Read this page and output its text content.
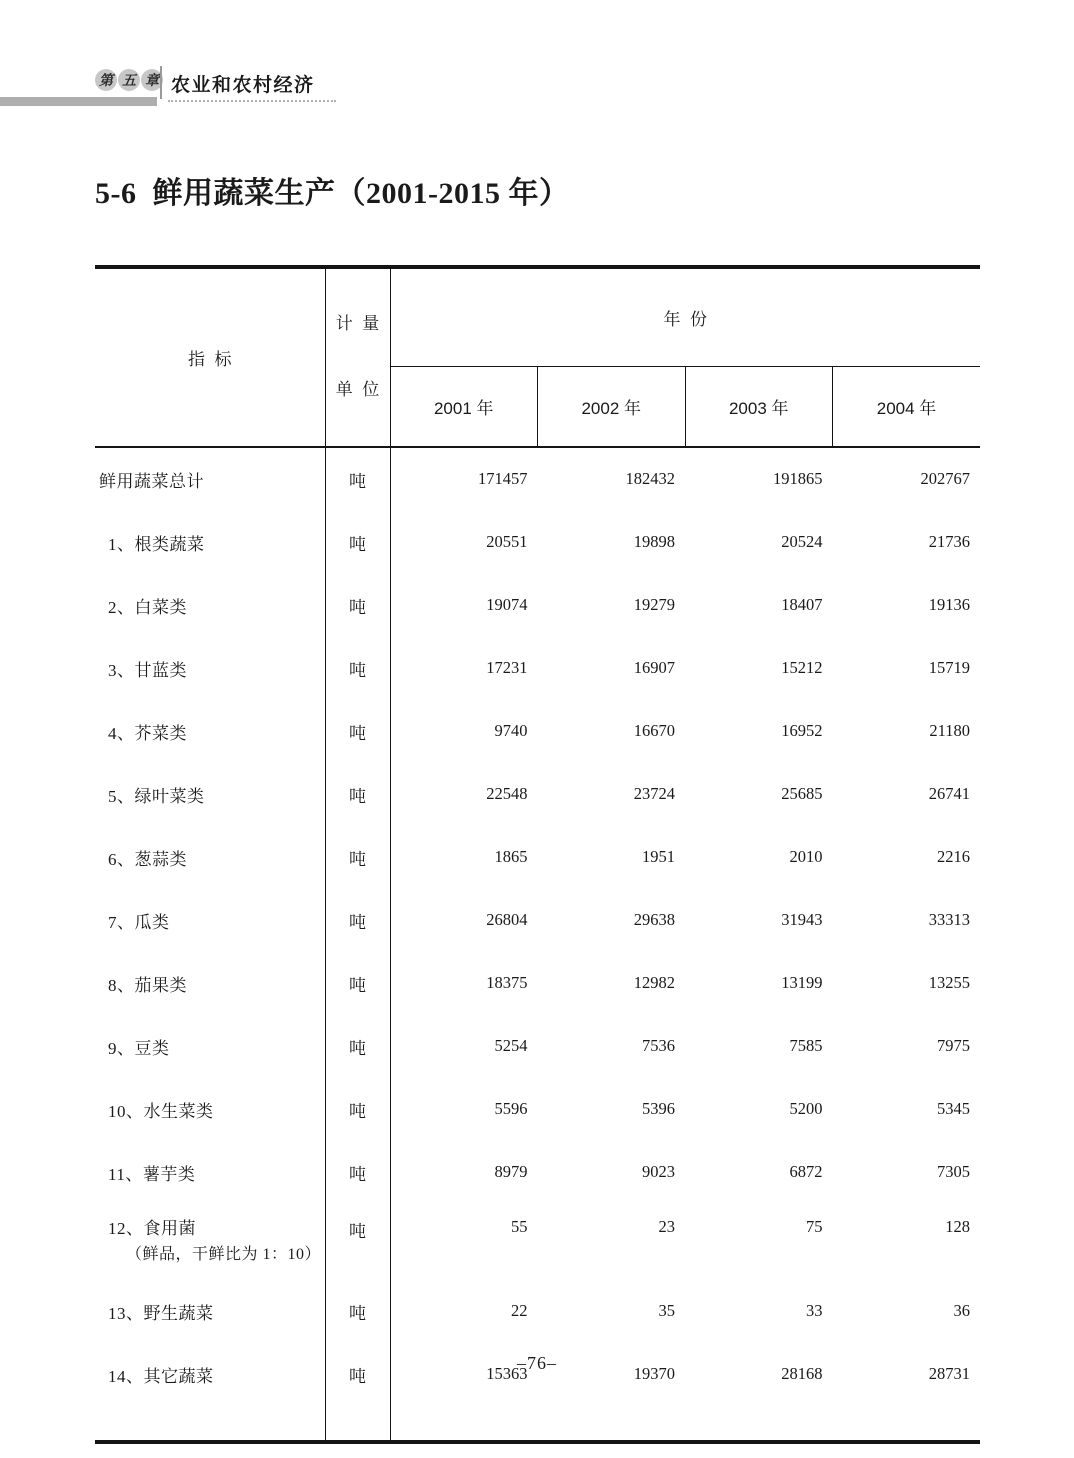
第 五 章 农业和农村经济
5-6  鲜用蔬菜生产（2001-2015 年）
指  标	计  量

单  位	年  份			
		2001 年	2002 年	2003 年	2004 年
鲜用蔬菜总计	吨	171457	182432	191865	202767
1、根类蔬菜	吨	20551	19898	20524	21736
2、白菜类	吨	19074	19279	18407	19136
3、甘蓝类	吨	17231	16907	15212	15719
4、芥菜类	吨	9740	16670	16952	21180
5、绿叶菜类	吨	22548	23724	25685	26741
6、葱蒜类	吨	1865	1951	2010	2216
7、瓜类	吨	26804	29638	31943	33313
8、茄果类	吨	18375	12982	13199	13255
9、豆类	吨	5254	7536	7585	7975
10、水生菜类	吨	5596	5396	5200	5345
11、薯芋类	吨	8979	9023	6872	7305

12、食用菌
（鲜品，干鲜比为 1：10）	吨	55	23	75	128
13、野生蔬菜	吨	22	35	33	36
14、其它蔬菜	吨	15363	19370	28168	28731

–76–
